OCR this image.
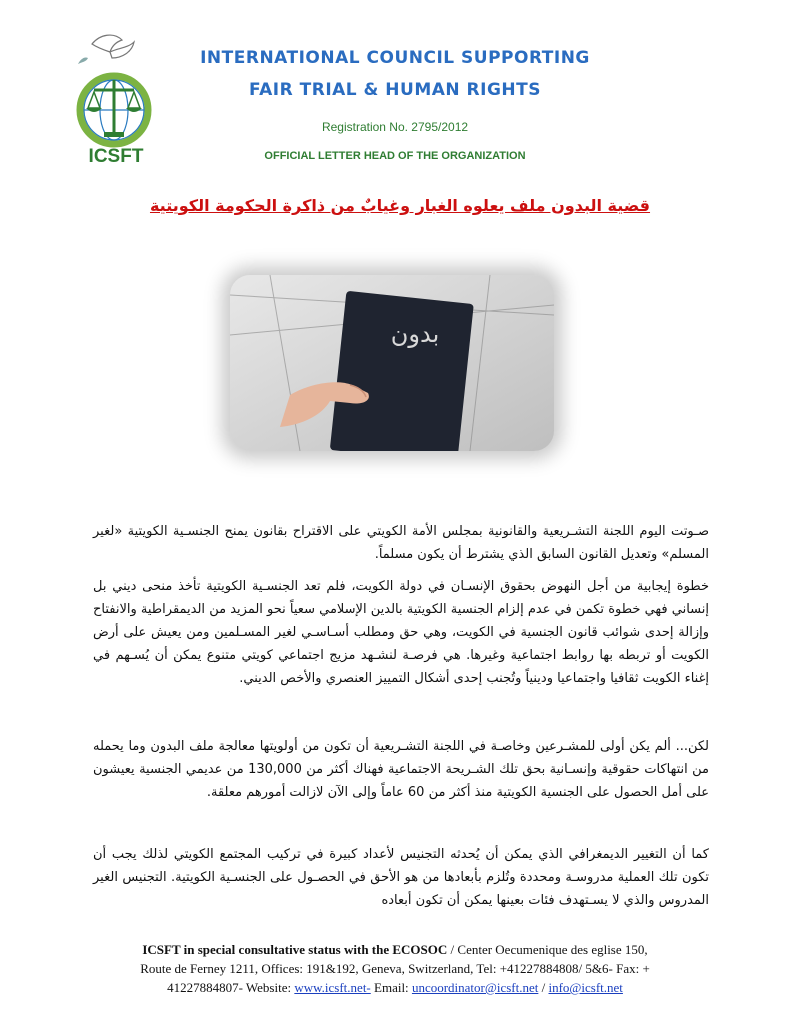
ICSFT
INTERNATIONAL COUNCIL SUPPORTING
FAIR TRIAL & HUMAN RIGHTS
Registration No. 2795/2012
OFFICIAL LETTER HEAD OF THE ORGANIZATION
قضية البدون ملف يعلوه الغبار وغيابٌ من ذاكرة الحكومة الكويتية
بدون
صـوتت اليوم اللجنة التشـريعية والقانونية بمجلس الأمة الكويتي على الاقتراح بقانون يمنح الجنسـية الكويتية «لغير المسلم» وتعديل القانون السابق الذي يشترط أن يكون مسلماً.
خطوة إيجابية من أجل النهوض بحقوق الإنسـان في دولة الكويت، فلم تعد الجنسـية الكويتية تأخذ منحى ديني بل إنساني فهي خطوة تكمن في عدم إلزام الجنسية الكويتية بالدين الإسلامي سعياً نحو المزيد من الديمقراطية والانفتاح وإزالة إحدى شوائب قانون الجنسية في الكويت، وهي حق ومطلب أسـاسـي لغير المسـلمين ومن يعيش على أرض الكويت أو تربطه بها روابط اجتماعية وغيرها. هي فرصـة لنشـهد مزيج اجتماعي كويتي متنوع يمكن أن يُسـهم في إغناء الكويت ثقافيا واجتماعيا ودينياً وتُجنب إحدى أشكال التمييز العنصري والأخص الديني.
لكن... ألم يكن أولى للمشـرعين وخاصـة في اللجنة التشـريعية أن تكون من أولويتها معالجة ملف البدون وما يحمله من انتهاكات حقوقية وإنسـانية بحق تلك الشـريحة الاجتماعية فهناك أكثر من 130,000 من عديمي الجنسية يعيشون على أمل الحصول على الجنسية الكويتية منذ أكثر من 60 عاماً وإلى الآن لازالت أمورهم معلقة.
كما أن التغيير الديمغرافي الذي يمكن أن يُحدثه التجنيس لأعداد كبيرة في تركيب المجتمع الكويتي لذلك يجب أن تكون تلك العملية مدروسـة ومحددة وتُلزم بأبعادها من هو الأحق في الحصـول على الجنسـية الكويتية. التجنيس الغير المدروس والذي لا يسـتهدف فئات بعينها يمكن أن تكون أبعاده
ICSFT in special consultative status with the ECOSOC / Center Oecumenique des eglise 150,
Route de Ferney 1211, Offices: 191&192, Geneva, Switzerland, Tel: +41227884808/ 5&6- Fax: +
41227884807- Website: www.icsft.net- Email: uncoordinator@icsft.net / info@icsft.net
